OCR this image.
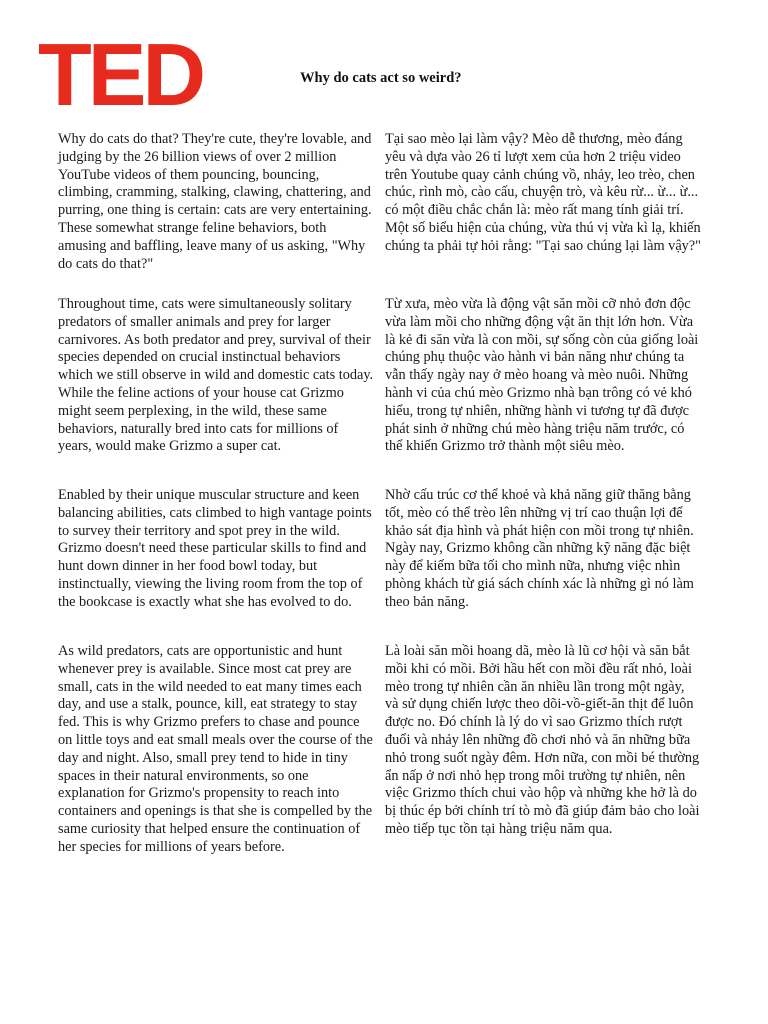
TED	Why do cats act so weird?

Why do cats do that? They're cute, they're lovable, and judging by the 26 billion views of over 2 million YouTube videos of them pouncing, bouncing, climbing, cramming, stalking, clawing, chattering, and purring, one thing is certain: cats are very entertaining. These somewhat strange feline behaviors, both amusing and baffling, leave many of us asking, "Why do cats do that?"

Tại sao mèo lại làm vậy? Mèo dễ thương, mèo đáng yêu và dựa vào 26 tỉ lượt xem của hơn 2 triệu video trên Youtube quay cảnh chúng vồ, nhảy, leo trèo, chen chúc, rình mò, cào cấu, chuyện trò, và kêu rừ... ừ... ừ... có một điều chắc chắn là: mèo rất mang tính giải trí. Một số biểu hiện của chúng, vừa thú vị vừa kì lạ, khiến chúng ta phải tự hỏi rằng: "Tại sao chúng lại làm vậy?"

Throughout time, cats were simultaneously solitary predators of smaller animals and prey for larger carnivores. As both predator and prey, survival of their species depended on crucial instinctual behaviors which we still observe in wild and domestic cats today. While the feline actions of your house cat Grizmo might seem perplexing, in the wild, these same behaviors, naturally bred into cats for millions of years, would make Grizmo a super cat.

Từ xưa, mèo vừa là động vật săn mồi cỡ nhỏ đơn độc vừa làm mồi cho những động vật ăn thịt lớn hơn. Vừa là kẻ đi săn vừa là con mồi, sự sống còn của giống loài chúng phụ thuộc vào hành vi bản năng như chúng ta vẫn thấy ngày nay ở mèo hoang và mèo nuôi. Những hành vi của chú mèo Grizmo nhà bạn trông có vẻ khó hiểu, trong tự nhiên, những hành vi tương tự đã được phát sinh ở những chú mèo hàng triệu năm trước, có thể khiến Grizmo trở thành một siêu mèo.

Enabled by their unique muscular structure and keen balancing abilities, cats climbed to high vantage points to survey their territory and spot prey in the wild. Grizmo doesn't need these particular skills to find and hunt down dinner in her food bowl today, but instinctually, viewing the living room from the top of the bookcase is exactly what she has evolved to do.

Nhờ cấu trúc cơ thể khoẻ và khả năng giữ thăng bằng tốt, mèo có thể trèo lên những vị trí cao thuận lợi để khảo sát địa hình và phát hiện con mồi trong tự nhiên. Ngày nay, Grizmo không cần những kỹ năng đặc biệt này để kiếm bữa tối cho mình nữa, nhưng việc nhìn phòng khách từ giá sách chính xác là những gì nó làm theo bản năng.

As wild predators, cats are opportunistic and hunt whenever prey is available. Since most cat prey are small, cats in the wild needed to eat many times each day, and use a stalk, pounce, kill, eat strategy to stay fed. This is why Grizmo prefers to chase and pounce on little toys and eat small meals over the course of the day and night. Also, small prey tend to hide in tiny spaces in their natural environments, so one explanation for Grizmo's propensity to reach into containers and openings is that she is compelled by the same curiosity that helped ensure the continuation of her species for millions of years before.

Là loài săn mồi hoang dã, mèo là lũ cơ hội và săn bắt mồi khi có mồi. Bởi hầu hết con mồi đều rất nhỏ, loài mèo trong tự nhiên cần ăn nhiều lần trong một ngày, và sử dụng chiến lược theo dõi-vồ-giết-ăn thịt để luôn được no. Đó chính là lý do vì sao Grizmo thích rượt đuổi và nhảy lên những đồ chơi nhỏ và ăn những bữa nhỏ trong suốt ngày đêm. Hơn nữa, con mồi bé thường ẩn nấp ở nơi nhỏ hẹp trong môi trường tự nhiên, nên việc Grizmo thích chui vào hộp và những khe hở là do bị thúc ép bởi chính trí tò mò đã giúp đảm bảo cho loài mèo tiếp tục tồn tại hàng triệu năm qua.
